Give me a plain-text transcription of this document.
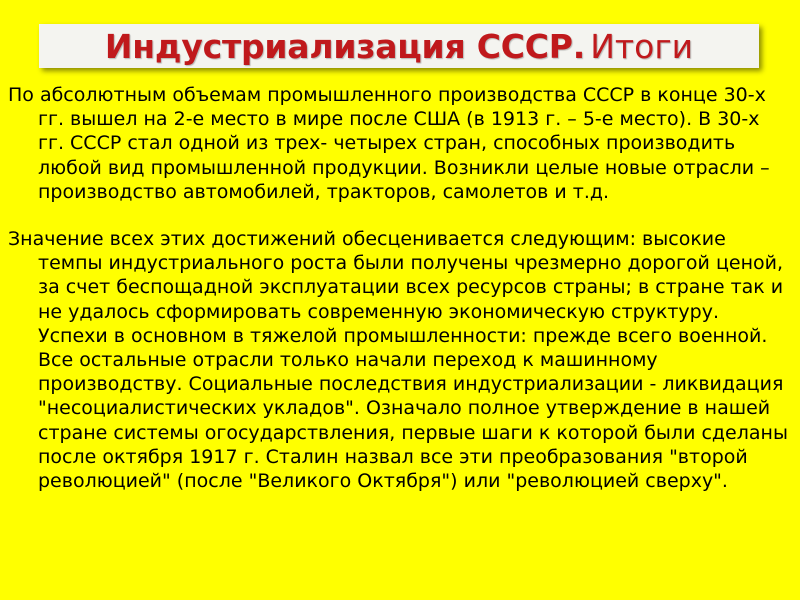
Индустриализация СССР.
Итоги

По абсолютным объемам промышленного производства СССР в конце 30-х гг. вышел на 2-е место в мире после США (в 1913 г. – 5-е место). В 30-х гг. СССР стал одной из трех- четырех стран, способных производить любой вид промышленной продукции. Возникли целые новые отрасли – производство автомобилей, тракторов, самолетов и т.д.

Значение всех этих достижений обесценивается следующим: высокие темпы индустриального роста были получены чрезмерно дорогой ценой, за счет беспощадной эксплуатации всех ресурсов страны; в стране так и не удалось сформировать современную экономическую структуру. Успехи в основном в тяжелой промышленности: прежде всего военной. Все остальные отрасли только начали переход к машинному производству. Социальные последствия индустриализации - ликвидация "несоциалистических укладов". Означало полное утверждение в нашей стране системы огосударствления, первые шаги к которой были сделаны после октября 1917 г. Сталин назвал все эти преобразования "второй революцией" (после "Великого Октября") или "революцией сверху".
